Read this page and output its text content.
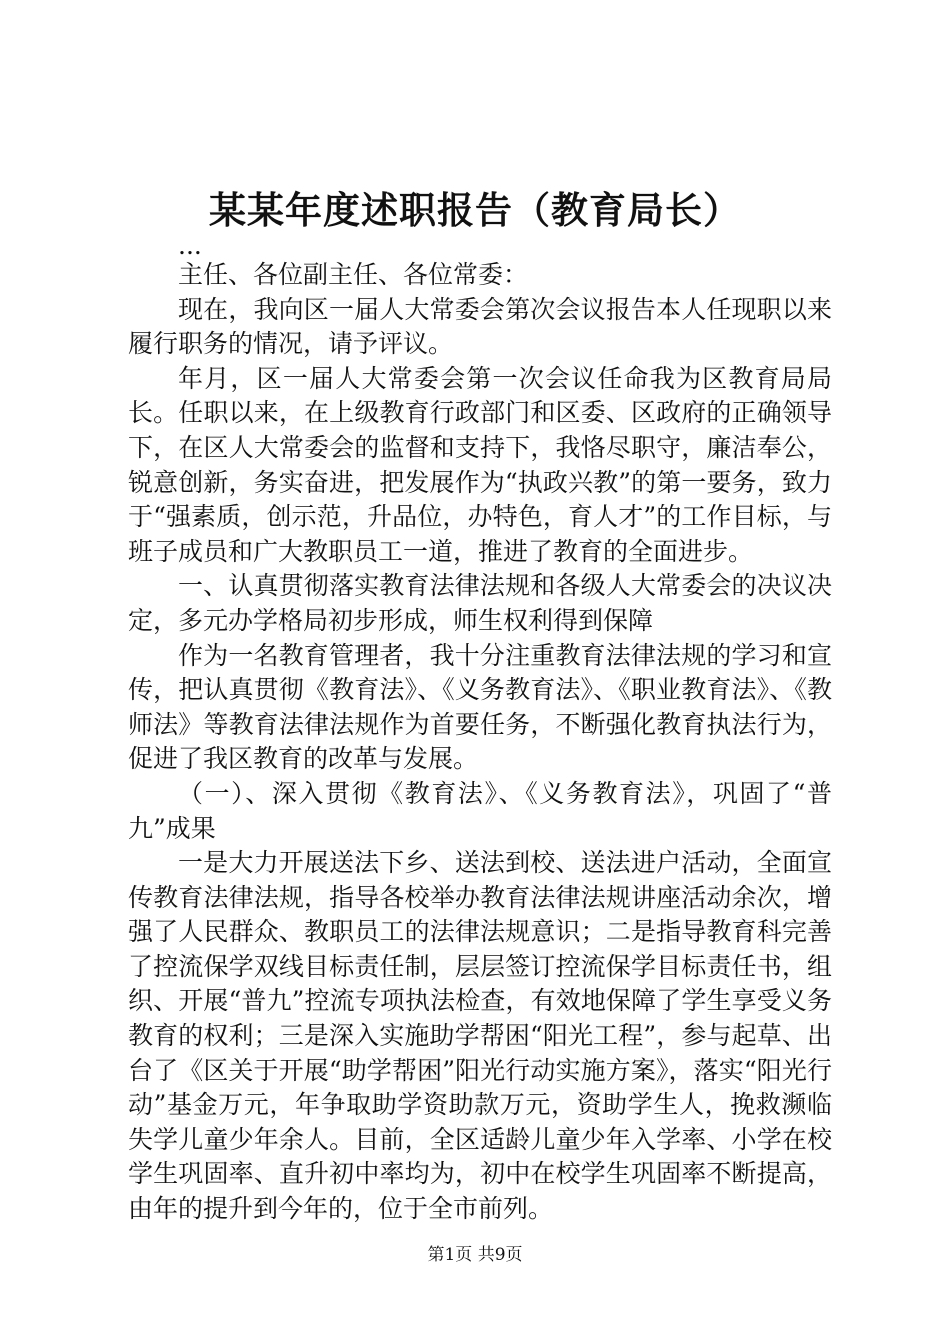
某某年度述职报告（教育局长）

...

主任、各位副主任、各位常委：

现在，我向区一届人大常委会第次会议报告本人任现职以来履行职务的情况，请予评议。

年月，区一届人大常委会第一次会议任命我为区教育局局长。任职以来，在上级教育行政部门和区委、区政府的正确领导下，在区人大常委会的监督和支持下，我恪尽职守，廉洁奉公，锐意创新，务实奋进，把发展作为“执政兴教”的第一要务，致力于“强素质，创示范，升品位，办特色，育人才”的工作目标，与班子成员和广大教职员工一道，推进了教育的全面进步。

一、认真贯彻落实教育法律法规和各级人大常委会的决议决定，多元办学格局初步形成，师生权利得到保障

作为一名教育管理者，我十分注重教育法律法规的学习和宣传，把认真贯彻《教育法》、《义务教育法》、《职业教育法》、《教师法》等教育法律法规作为首要任务，不断强化教育执法行为，促进了我区教育的改革与发展。

（一）、深入贯彻《教育法》、《义务教育法》，巩固了“普九”成果

一是大力开展送法下乡、送法到校、送法进户活动，全面宣传教育法律法规，指导各校举办教育法律法规讲座活动余次，增强了人民群众、教职员工的法律法规意识；二是指导教育科完善了控流保学双线目标责任制，层层签订控流保学目标责任书，组织、开展“普九”控流专项执法检查，有效地保障了学生享受义务教育的权利；三是深入实施助学帮困“阳光工程”，参与起草、出台了《区关于开展“助学帮困”阳光行动实施方案》，落实“阳光行动”基金万元，年争取助学资助款万元，资助学生人，挽救濒临失学儿童少年余人。目前，全区适龄儿童少年入学率、小学在校学生巩固率、直升初中率均为，初中在校学生巩固率不断提高，由年的提升到今年的，位于全市前列。

第1页 共9页
